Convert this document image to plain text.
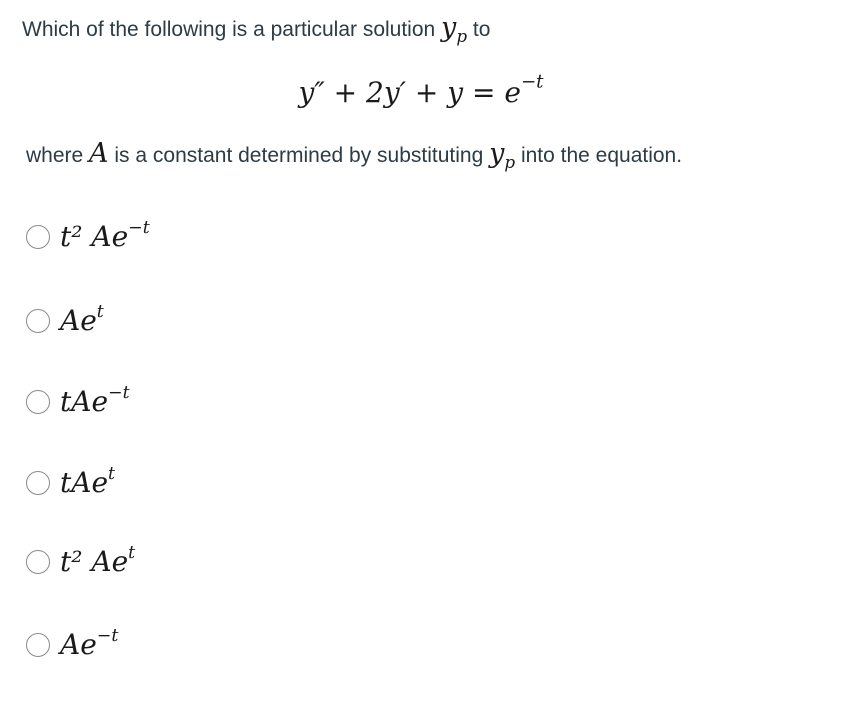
Which of the following is a particular solution $y_p$ to
$y'' + 2y' + y = e^{-t}$
where A is a constant determined by substituting $y_p$ into the equation.
t² $Ae^{-t}$
Ae$^t$
tAe$^{-t}$
tAe$^t$
t² Ae$^t$
$Ae^{-t}$
